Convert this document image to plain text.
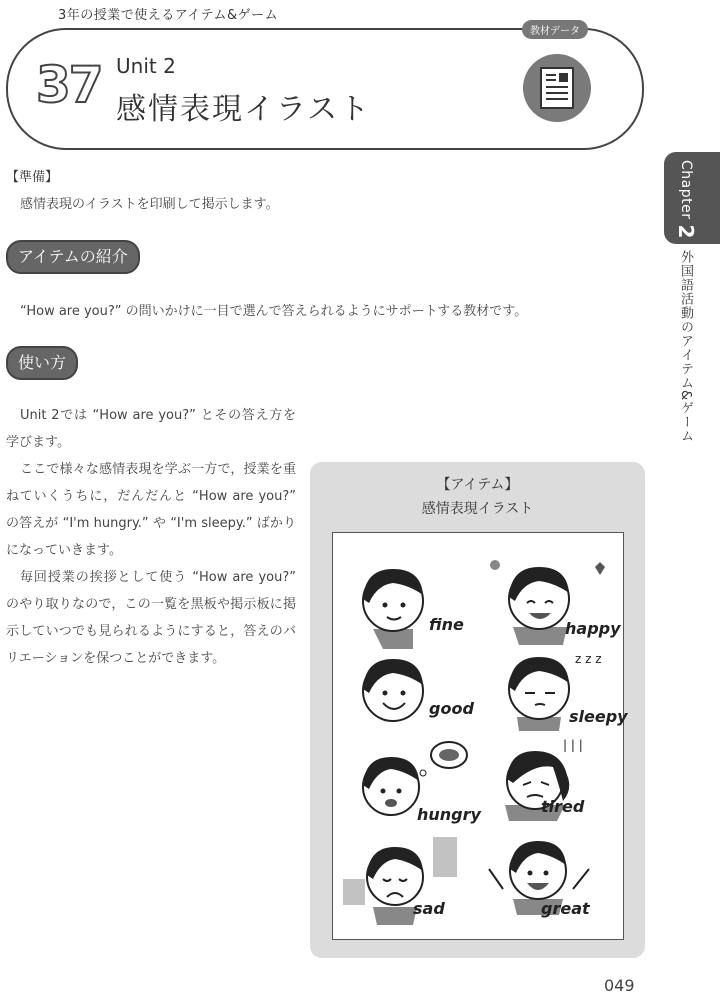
3年の授業で使えるアイテム&ゲーム
教材データ
37 Unit 2
感情表現イラスト
Chapter 2
外国語活動のアイテム&ゲーム
【準備】
感情表現のイラストを印刷して掲示します。
アイテムの紹介
“How are you?” の問いかけに一目で選んで答えられるようにサポートする教材です。
使い方
Unit 2では “How are you?” とその答え方を学びます。
ここで様々な感情表現を学ぶ一方で，授業を重ねていくうちに，だんだんと “How are you?” の答えが “I'm hungry.” や “I'm sleepy.” ばかりになっていきます。
毎回授業の挨拶として使う “How are you?” のやり取りなので，この一覧を黒板や掲示板に掲示していつでも見られるようにすると，答えのバリエーションを保つことができます。
【アイテム】
感情表現イラスト
fine	happy
good
z z z
sleepy
hungry
| | |
tired
sad	great
049
